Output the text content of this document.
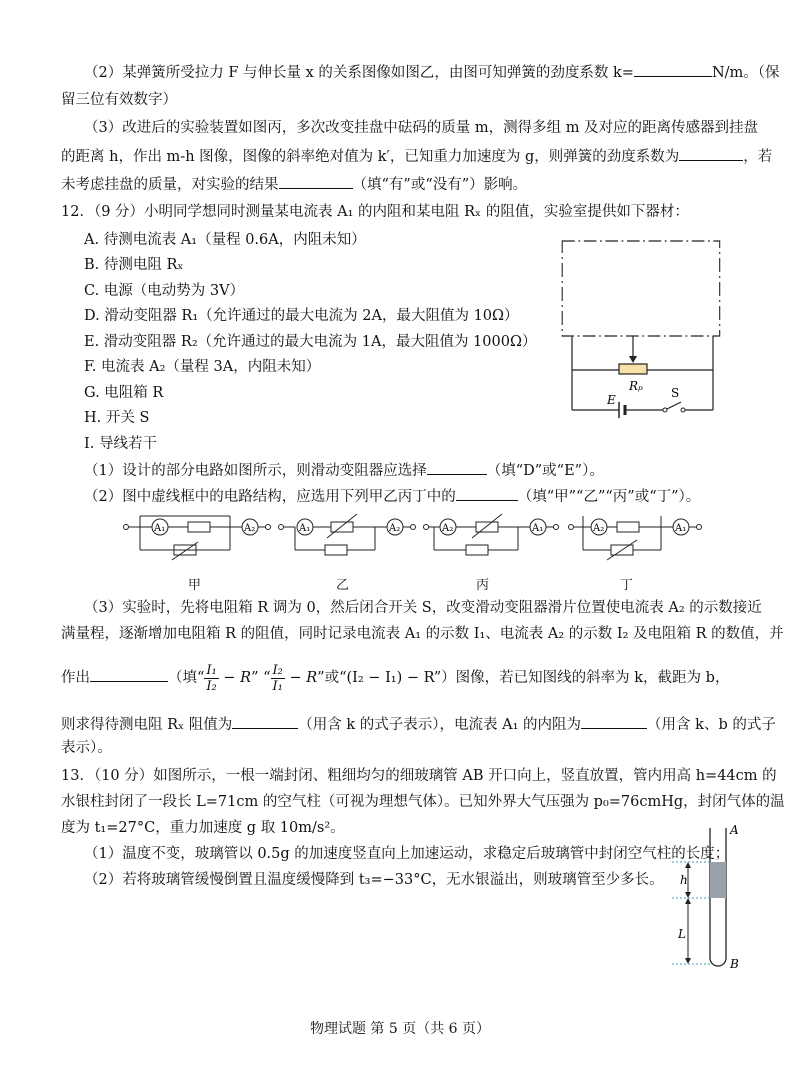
（2）某弹簧所受拉力 F 与伸长量 x 的关系图像如图乙，由图可知弹簧的劲度系数 k=	N/m。（保
留三位有效数字）
（3）改进后的实验装置如图丙，多次改变挂盘中砝码的质量 m，测得多组 m 及对应的距离传感器到挂盘
的距离 h，作出 m-h 图像，图像的斜率绝对值为 k′，已知重力加速度为 g，则弹簧的劲度系数为	，若
未考虑挂盘的质量，对实验的结果	（填“有”或“没有”）影响。
12．（9 分）小明同学想同时测量某电流表 A₁ 的内阻和某电阻 Rₓ 的阻值，实验室提供如下器材：
A. 待测电流表 A₁（量程 0.6A，内阻未知）
B. 待测电阻 Rₓ
C. 电源（电动势为 3V）
D. 滑动变阻器 R₁（允许通过的最大电流为 2A，最大阻值为 10Ω）
E. 滑动变阻器 R₂（允许通过的最大电流为 1A，最大阻值为 1000Ω）
F. 电流表 A₂（量程 3A，内阻未知）
G. 电阻箱 R
H. 开关 S
I. 导线若干
Rₚ
E	S
（1）设计的部分电路如图所示，则滑动变阻器应选择	（填“D”或“E”）。
（2）图中虚线框中的电路结构，应选用下列甲乙丙丁中的	（填“甲”“乙”“丙”或“丁”）。
A₁	A₂	A₁	A₂	A₂	A₁	A₂	A₁
甲	乙	丙	丁
（3）实验时，先将电阻箱 R 调为 0，然后闭合开关 S，改变滑动变阻器滑片位置使电流表 A₂ 的示数接近
满量程，逐渐增加电阻箱 R 的阻值，同时记录电流表 A₁ 的示数 I₁、电流表 A₂ 的示数 I₂ 及电阻箱 R 的数值，并
作出	（填“ $\frac{\text{I₁}}{\text{I₂}} - R$” “ $\frac{\text{I₂}}{\text{I₁}} - R$”或“(I₂ − I₁) − R”）图像，若已知图线的斜率为 k，截距为 b，
则求得待测电阻 Rₓ 阻值为	（用含 k 的式子表示），电流表 A₁ 的内阻为	（用含 k、b 的式子
表示）。
13．（10 分）如图所示，一根一端封闭、粗细均匀的细玻璃管 AB 开口向上，竖直放置，管内用高 h=44cm 的
水银柱封闭了一段长 L=71cm 的空气柱（可视为理想气体）。已知外界大气压强为 p₀=76cmHg，封闭气体的温
度为 t₁=27°C，重力加速度 g 取 10m/s²。
（1）温度不变，玻璃管以 0.5g 的加速度竖直向上加速运动，求稳定后玻璃管中封闭空气柱的长度；
（2）若将玻璃管缓慢倒置且温度缓慢降到 t₃=−33°C，无水银溢出，则玻璃管至少多长。	h
L
A
B
物理试题 第 5 页（共 6 页）
